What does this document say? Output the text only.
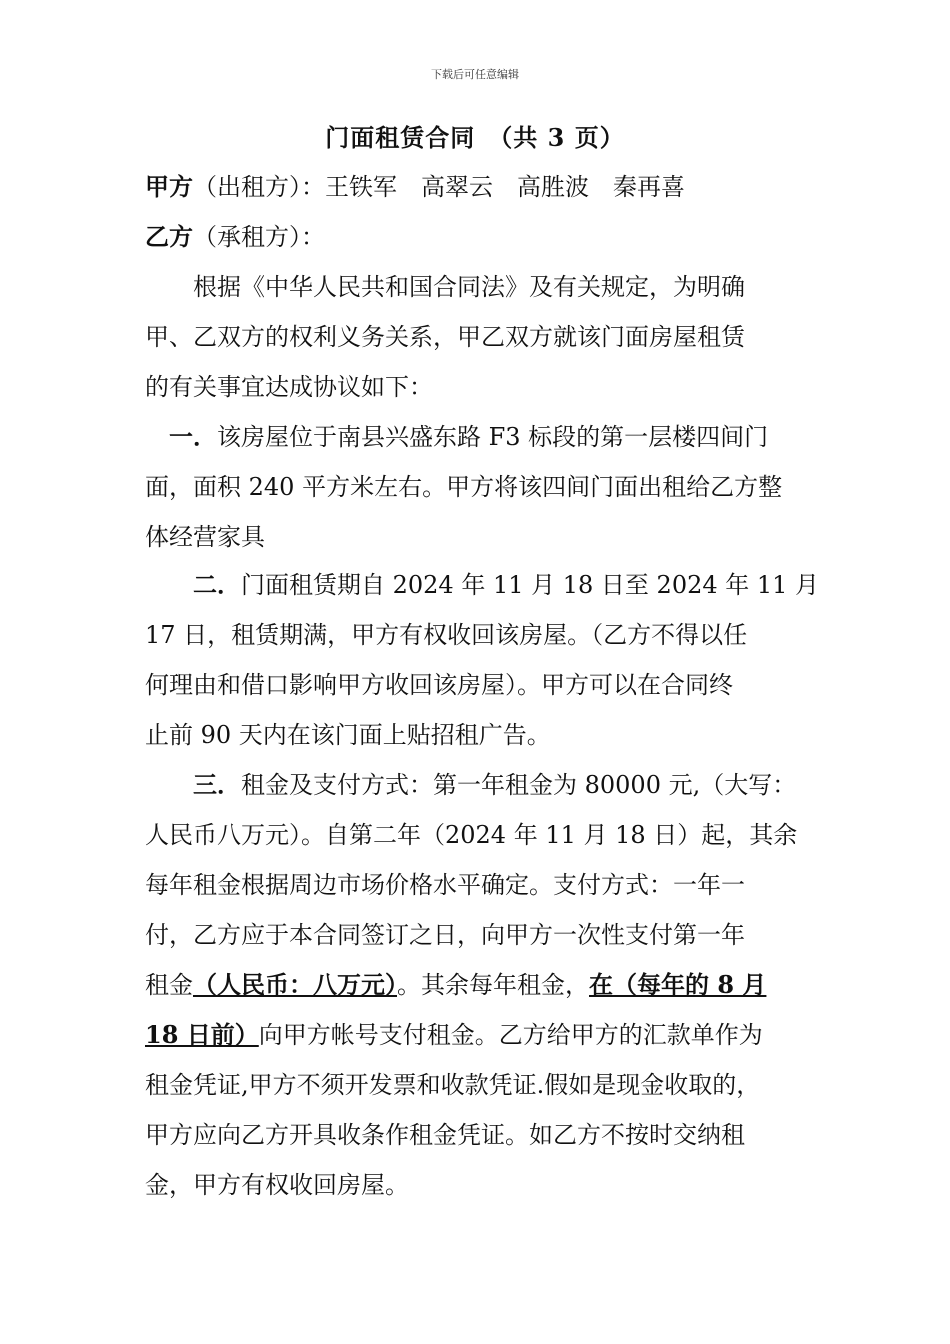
下载后可任意编辑
门面租赁合同　（共 3 页）
甲方（出租方）：王铁军　高翠云　高胜波　秦再喜
乙方（承租方）：
　　根据《中华人民共和国合同法》及有关规定，为明确
甲、乙双方的权利义务关系，甲乙双方就该门面房屋租赁
的有关事宜达成协议如下：
　一．该房屋位于南县兴盛东路 F3 标段的第一层楼四间门
面，面积 240 平方米左右。甲方将该四间门面出租给乙方整
体经营家具
　　二．门面租赁期自 2024 年 11 月 18 日至 2024 年 11 月
17 日，租赁期满，甲方有权收回该房屋。（乙方不得以任
何理由和借口影响甲方收回该房屋）。甲方可以在合同终
止前 90 天内在该门面上贴招租广告。
　　三．租金及支付方式：第一年租金为 80000 元,（大写：
人民币八万元）。自第二年（2024 年 11 月 18 日）起，其余
每年租金根据周边市场价格水平确定。支付方式：一年一
付，乙方应于本合同签订之日，向甲方一次性支付第一年
租金（人民币：八万元）。其余每年租金，在（每年的 8 月
18 日前）向甲方帐号支付租金。乙方给甲方的汇款单作为
租金凭证,甲方不须开发票和收款凭证.假如是现金收取的，
甲方应向乙方开具收条作租金凭证。如乙方不按时交纳租
金，甲方有权收回房屋。
